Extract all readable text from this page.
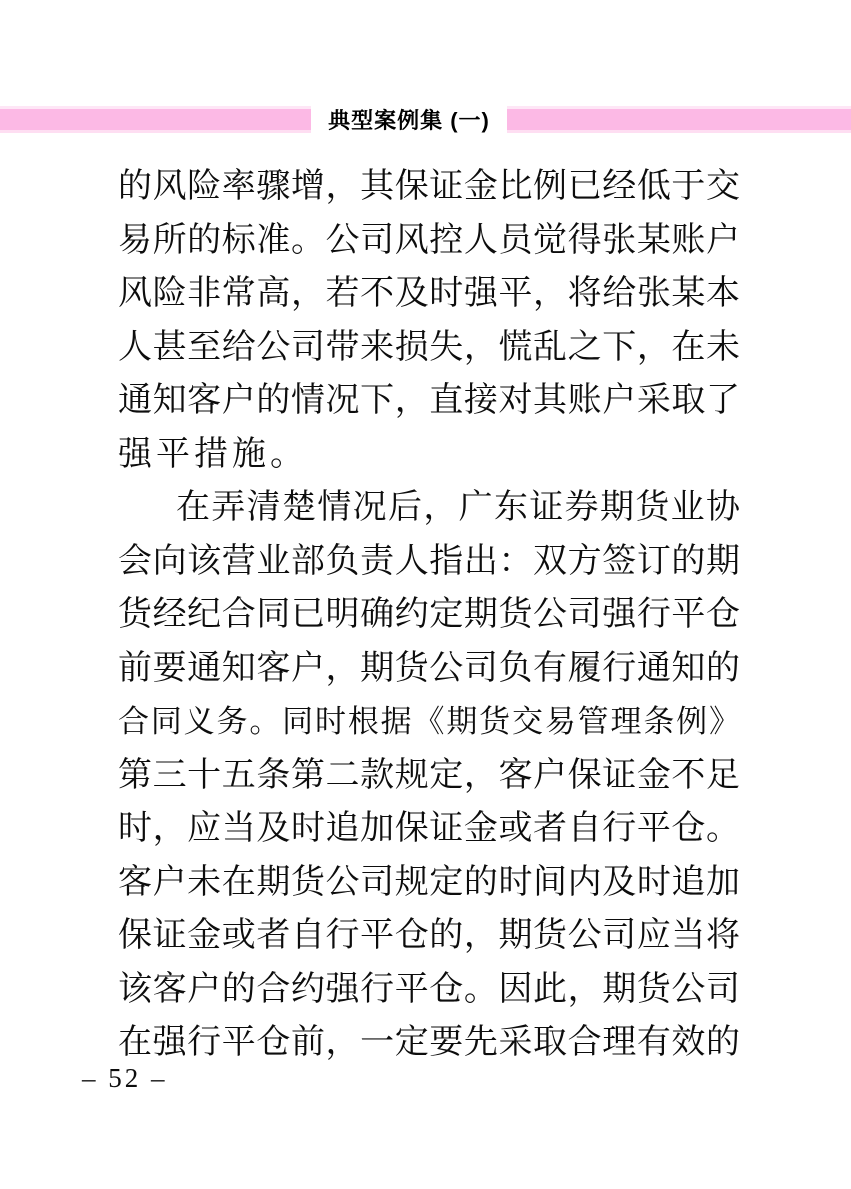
典型案例集 (一)
的风险率骤增，其保证金比例已经低于交
易所的标准。公司风控人员觉得张某账户
风险非常高，若不及时强平，将给张某本
人甚至给公司带来损失，慌乱之下，在未
通知客户的情况下，直接对其账户采取了
强平措施。
在弄清楚情况后，广东证券期货业协
会向该营业部负责人指出：双方签订的期
货经纪合同已明确约定期货公司强行平仓
前要通知客户，期货公司负有履行通知的
合同义务。同时根据《期货交易管理条例》
第三十五条第二款规定，客户保证金不足
时，应当及时追加保证金或者自行平仓。
客户未在期货公司规定的时间内及时追加
保证金或者自行平仓的，期货公司应当将
该客户的合约强行平仓。因此，期货公司
在强行平仓前，一定要先采取合理有效的
– 52 –
